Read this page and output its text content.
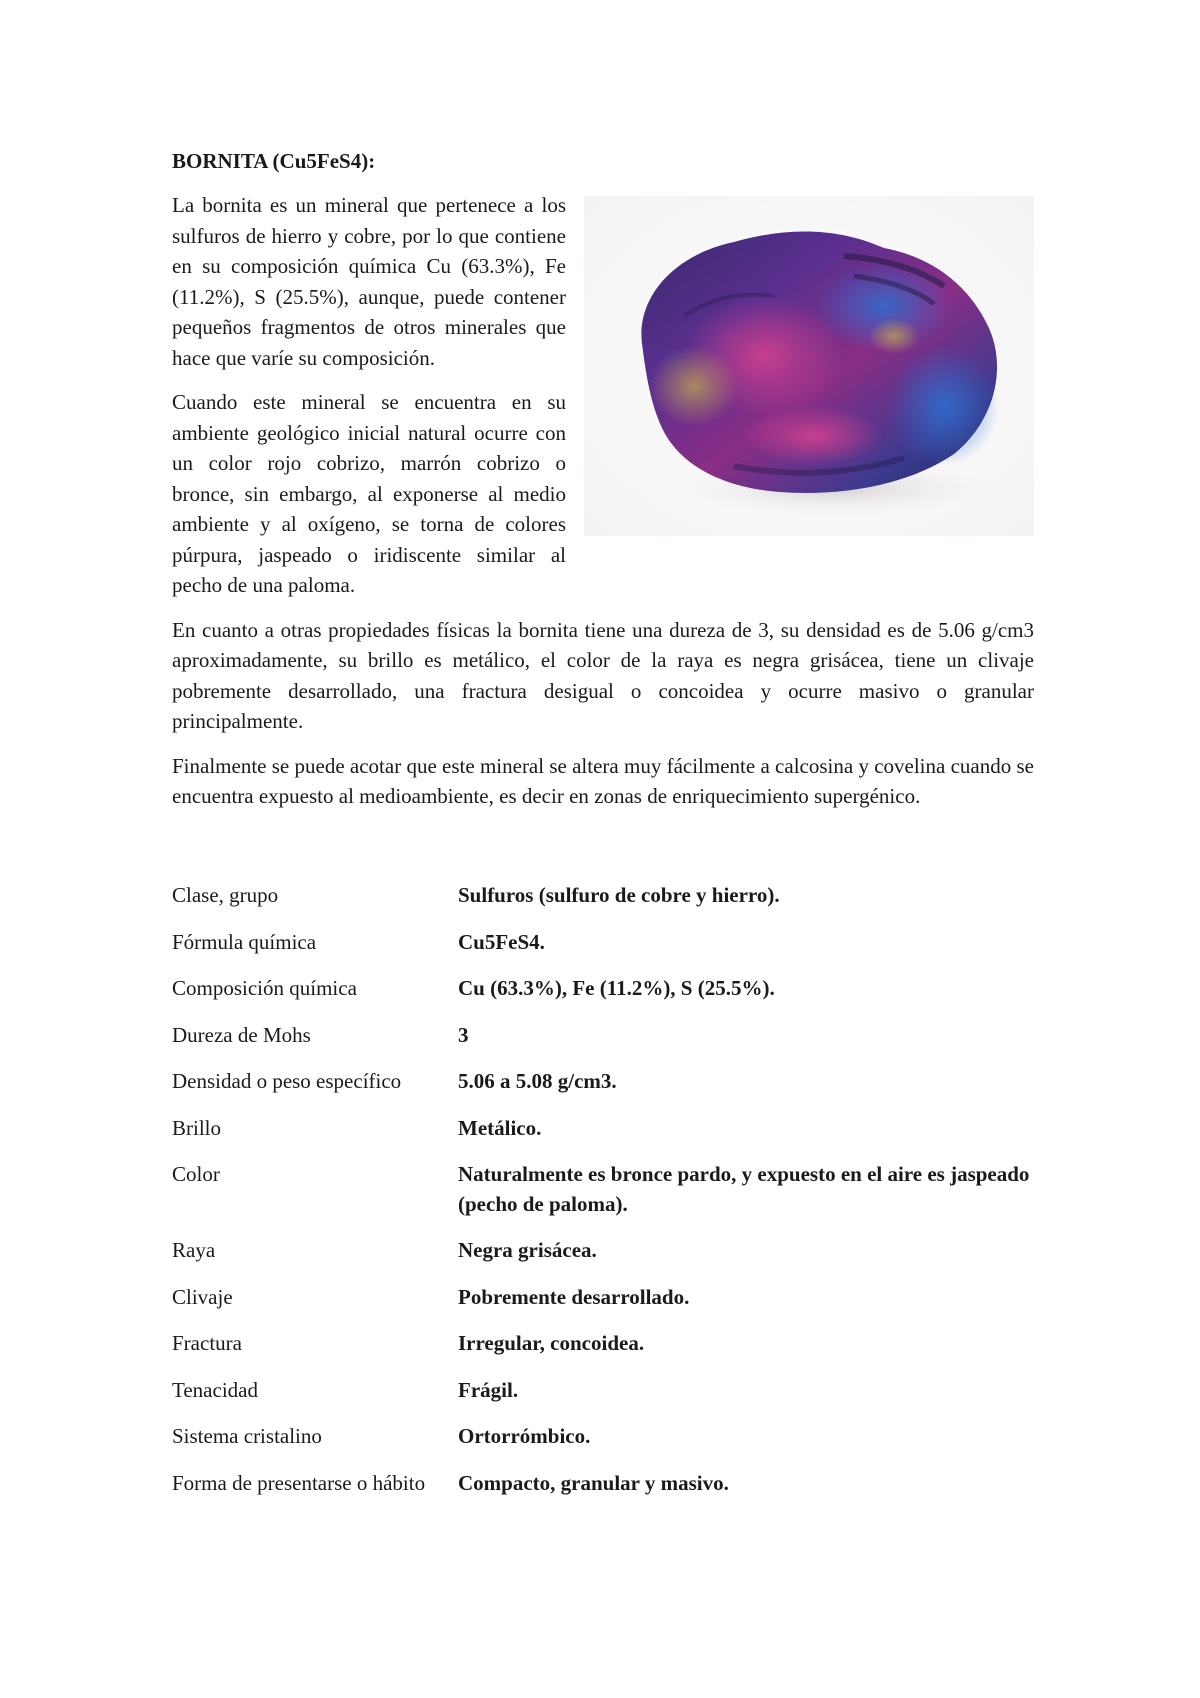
BORNITA (Cu5FeS4):

La bornita es un mineral que pertenece a los sulfuros de hierro y cobre, por lo que contiene en su composición química Cu (63.3%), Fe (11.2%), S (25.5%), aunque, puede contener pequeños fragmentos de otros minerales que hace que varíe su composición.

Cuando este mineral se encuentra en su ambiente geológico inicial natural ocurre con un color rojo cobrizo, marrón cobrizo o bronce, sin embargo, al exponerse al medio ambiente y al oxígeno, se torna de colores púrpura, jaspeado o iridiscente similar al pecho de una paloma.

En cuanto a otras propiedades físicas la bornita tiene una dureza de 3, su densidad es de 5.06 g/cm3 aproximadamente, su brillo es metálico, el color de la raya es negra grisácea, tiene un clivaje pobremente desarrollado, una fractura desigual o concoidea y ocurre masivo o granular principalmente.

Finalmente se puede acotar que este mineral se altera muy fácilmente a calcosina y covelina cuando se encuentra expuesto al medioambiente, es decir en zonas de enriquecimiento supergénico.

Clase, grupo	Sulfuros (sulfuro de cobre y hierro).
Fórmula química	Cu5FeS4.
Composición química	Cu (63.3%), Fe (11.2%), S (25.5%).
Dureza de Mohs	3
Densidad o peso específico	5.06 a 5.08 g/cm3.
Brillo	Metálico.
Color	Naturalmente es bronce pardo, y expuesto en el aire es jaspeado (pecho de paloma).
Raya	Negra grisácea.
Clivaje	Pobremente desarrollado.
Fractura	Irregular, concoidea.
Tenacidad	Frágil.
Sistema cristalino	Ortorrómbico.
Forma de presentarse o hábito	Compacto, granular y masivo.
